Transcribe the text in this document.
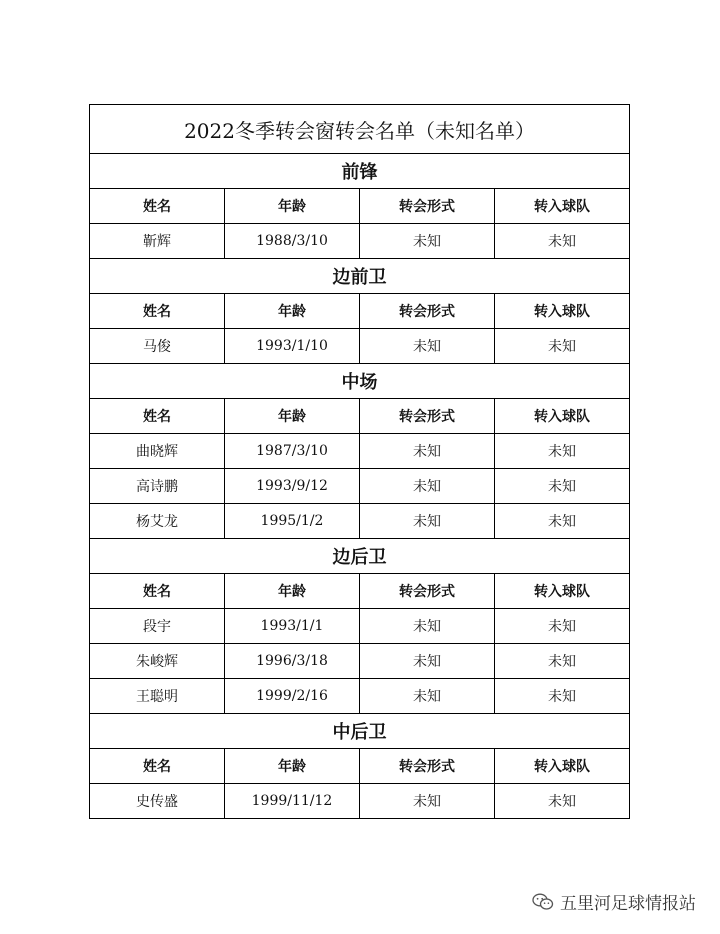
2022冬季转会窗转会名单（未知名单）			
前锋			
姓名	年龄	转会形式	转入球队
靳辉	1988/3/10	未知	未知
边前卫			
姓名	年龄	转会形式	转入球队
马俊	1993/1/10	未知	未知
中场			
姓名	年龄	转会形式	转入球队
曲晓辉	1987/3/10	未知	未知
高诗鹏	1993/9/12	未知	未知
杨艾龙	1995/1/2	未知	未知
边后卫			
姓名	年龄	转会形式	转入球队
段宇	1993/1/1	未知	未知
朱峻辉	1996/3/18	未知	未知
王聪明	1999/2/16	未知	未知
中后卫			
姓名	年龄	转会形式	转入球队
史传盛	1999/11/12	未知	未知
五里河足球情报站
